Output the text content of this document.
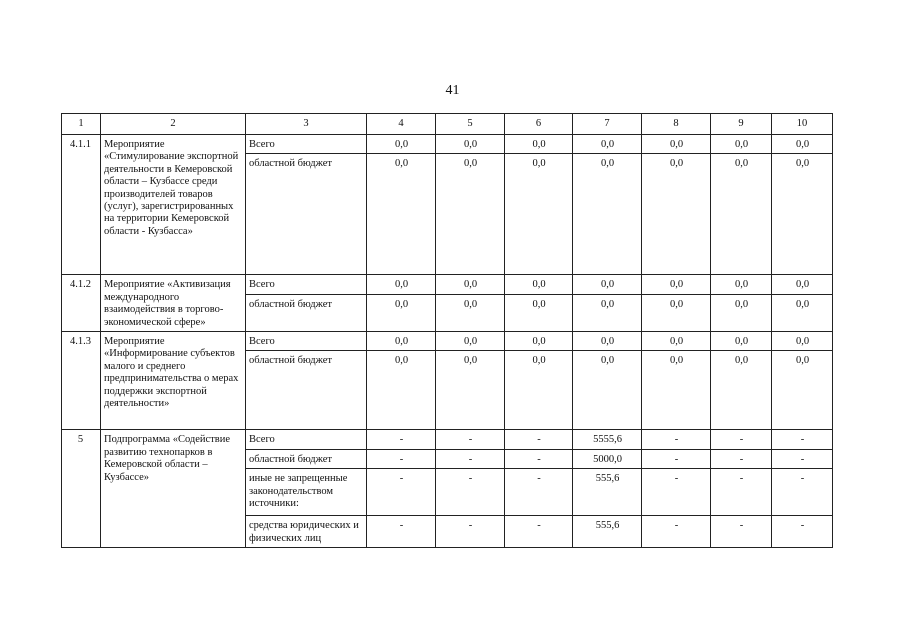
41
1	2	3	4	5	6	7	8	9	10
4.1.1	Мероприятие «Стимулирование экспортной деятельности в Кемеровской области – Кузбассе среди производителей товаров (услуг), зарегистрированных на территории Кемеровской области - Кузбасса»	Всего	0,0	0,0	0,0	0,0	0,0	0,0	0,0
		областной бюджет	0,0	0,0	0,0	0,0	0,0	0,0	0,0
4.1.2	Мероприятие «Активизация международного взаимодействия в торгово-экономической сфере»	Всего	0,0	0,0	0,0	0,0	0,0	0,0	0,0
		областной бюджет	0,0	0,0	0,0	0,0	0,0	0,0	0,0
4.1.3	Мероприятие «Информирование субъектов малого и среднего предпринимательства о мерах поддержки экспортной деятельности»	Всего	0,0	0,0	0,0	0,0	0,0	0,0	0,0
		областной бюджет	0,0	0,0	0,0	0,0	0,0	0,0	0,0
5	Подпрограмма «Содействие развитию технопарков в Кемеровской области – Кузбассе»	Всего	-	-	-	5555,6	-	-	-
		областной бюджет	-	-	-	5000,0	-	-	-
		иные не запрещенные законодательством источники:	-	-	-	555,6	-	-	-
		средства юридических и физических лиц	-	-	-	555,6	-	-	-
